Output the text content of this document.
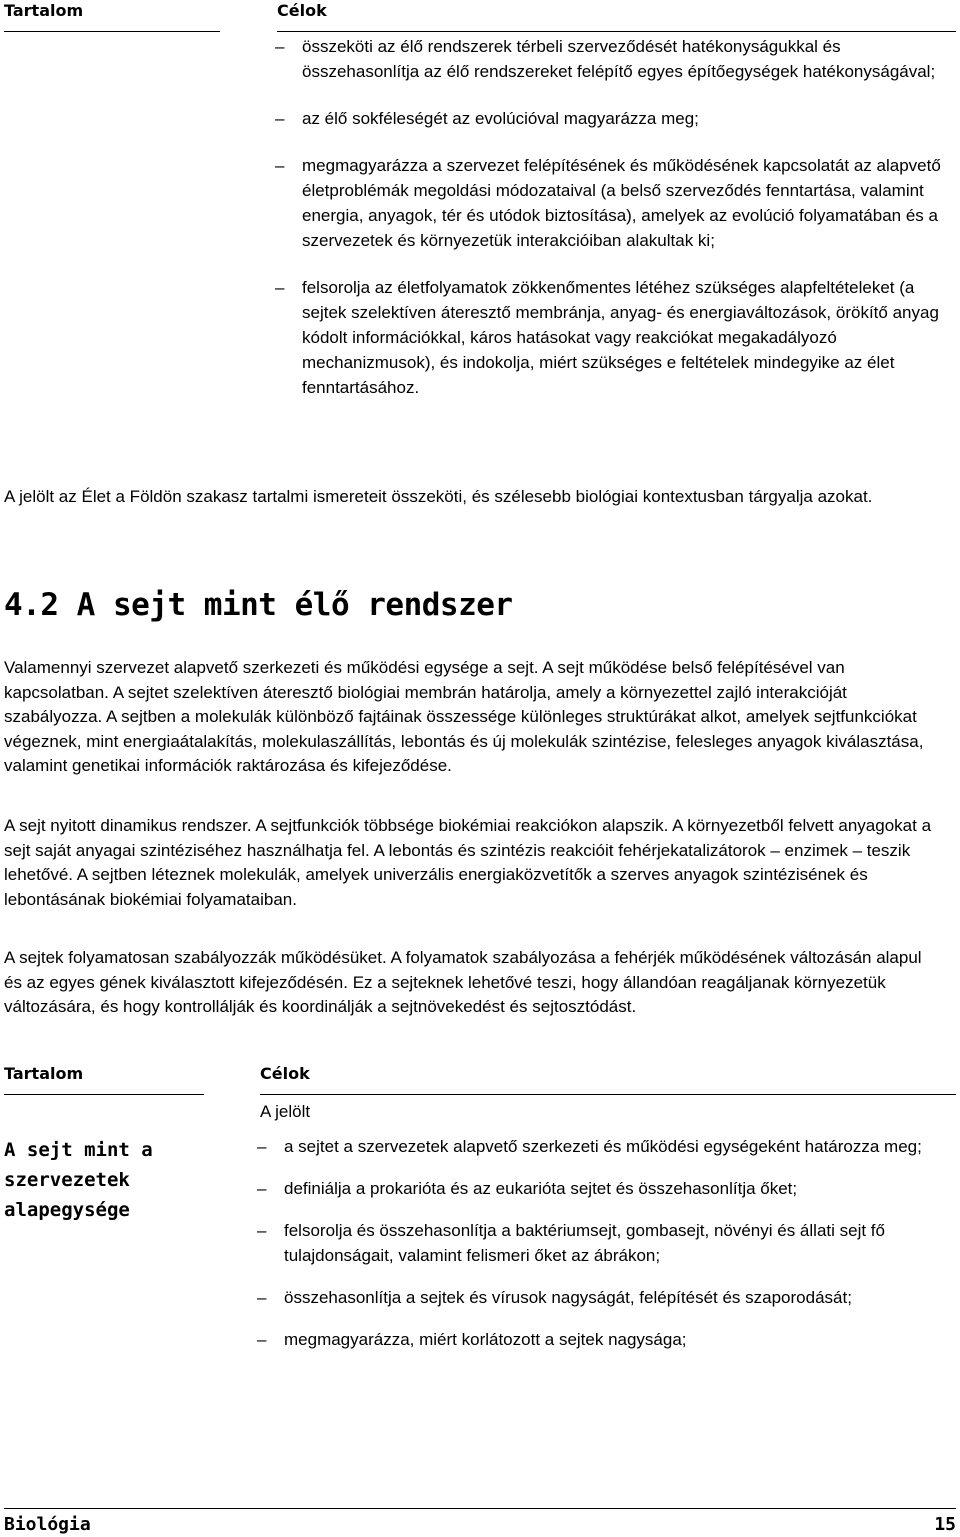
Tartalom	Célok
– összeköti az élő rendszerek térbeli szerveződését hatékonyságukkal és összehasonlítja az élő rendszereket felépítő egyes építőegységek hatékonyságával;
– az élő sokféleségét az evolúcióval magyarázza meg;
– megmagyarázza a szervezet felépítésének és működésének kapcsolatát az alapvető életproblémák megoldási módozataival (a belső szerveződés fenntartása, valamint energia, anyagok, tér és utódok biztosítása), amelyek az evolúció folyamatában és a szervezetek és környezetük interakcióiban alakultak ki;
– felsorolja az életfolyamatok zökkenőmentes létéhez szükséges alapfeltételeket (a sejtek szelektíven áteresztő membránja, anyag- és energiaváltozások, örökítő anyag kódolt információkkal, káros hatásokat vagy reakciókat megakadályozó mechanizmusok), és indokolja, miért szükséges e feltételek mindegyike az élet fenntartásához.

A jelölt az Élet a Földön szakasz tartalmi ismereteit összeköti, és szélesebb biológiai kontextusban tárgyalja azokat.

4.2 A sejt mint élő rendszer

Valamennyi szervezet alapvető szerkezeti és működési egysége a sejt. A sejt működése belső felépítésével van kapcsolatban. A sejtet szelektíven áteresztő biológiai membrán határolja, amely a környezettel zajló interakcióját szabályozza. A sejtben a molekulák különböző fajtáinak összessége különleges struktúrákat alkot, amelyek sejtfunkciókat végeznek, mint energiaátalakítás, molekulaszállítás, lebontás és új molekulák szintézise, felesleges anyagok kiválasztása, valamint genetikai információk raktározása és kifejeződése.

A sejt nyitott dinamikus rendszer. A sejtfunkciók többsége biokémiai reakciókon alapszik. A környezetből felvett anyagokat a sejt saját anyagai szintéziséhez használhatja fel. A lebontás és szintézis reakcióit fehérjekatalizátorok – enzimek – teszik lehetővé. A sejtben léteznek molekulák, amelyek univerzális energiaközvetítők a szerves anyagok szintézisének és lebontásának biokémiai folyamataiban.

A sejtek folyamatosan szabályozzák működésüket. A folyamatok szabályozása a fehérjék működésének változásán alapul és az egyes gének kiválasztott kifejeződésén. Ez a sejteknek lehetővé teszi, hogy állandóan reagáljanak környezetük változására, és hogy kontrollálják és koordinálják a sejtnövekedést és sejtosztódást.

Tartalom	Célok
A sejt mint a szervezetek alapegysége
A jelölt
– a sejtet a szervezetek alapvető szerkezeti és működési egységeként határozza meg;
– definiálja a prokarióta és az eukarióta sejtet és összehasonlítja őket;
– felsorolja és összehasonlítja a baktériumsejt, gombasejt, növényi és állati sejt fő tulajdonságait, valamint felismeri őket az ábrákon;
– összehasonlítja a sejtek és vírusok nagyságát, felépítését és szaporodását;
– megmagyarázza, miért korlátozott a sejtek nagysága;
Biológia	15
